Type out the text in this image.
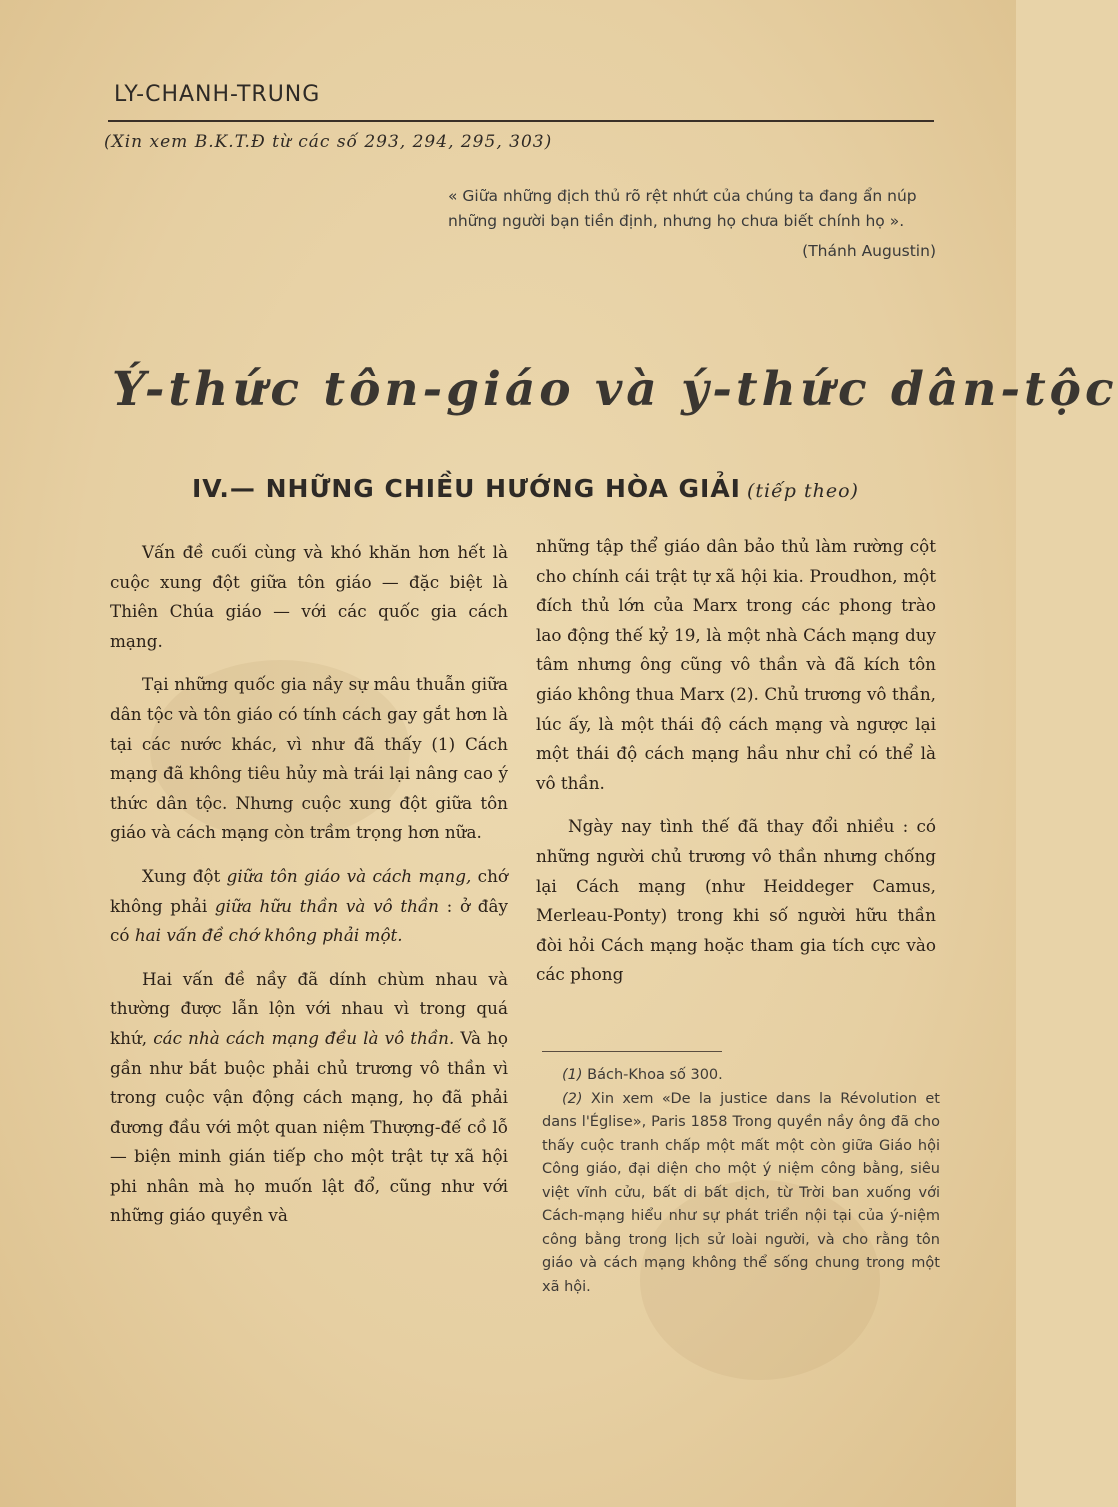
LY-CHANH-TRUNG
(Xin xem B.K.T.Đ từ các số 293, 294, 295, 303)
« Giữa những địch thủ rõ rệt nhứt của chúng ta đang ẩn núp những người bạn tiền định, nhưng họ chưa biết chính họ ».
(Thánh Augustin)
Ý-thức tôn-giáo và ý-thức dân-tộc
IV.— NHỮNG CHIỀU HƯỚNG HÒA GIẢI (tiếp theo)

Vấn đề cuối cùng và khó khăn hơn hết là cuộc xung đột giữa tôn giáo — đặc biệt là Thiên Chúa giáo — với các quốc gia cách mạng.

Tại những quốc gia nầy sự mâu thuẫn giữa dân tộc và tôn giáo có tính cách gay gắt hơn là tại các nước khác, vì như đã thấy (1) Cách mạng đã không tiêu hủy mà trái lại nâng cao ý thức dân tộc. Nhưng cuộc xung đột giữa tôn giáo và cách mạng còn trầm trọng hơn nữa.

Xung đột giữa tôn giáo và cách mạng, chớ không phải giữa hữu thần và vô thần : ở đây có hai vấn đề chớ không phải một.

Hai vấn đề nầy đã dính chùm nhau và thường được lẫn lộn với nhau vì trong quá khứ, các nhà cách mạng đều là vô thần. Và họ gần như bắt buộc phải chủ trương vô thần vì trong cuộc vận động cách mạng, họ đã phải đương đầu với một quan niệm Thượng-đế cồ lỗ — biện minh gián tiếp cho một trật tự xã hội phi nhân mà họ muốn lật đổ, cũng như với những giáo quyền và

những tập thể giáo dân bảo thủ làm rường cột cho chính cái trật tự xã hội kia. Proudhon, một đích thủ lớn của Marx trong các phong trào lao động thế kỷ 19, là một nhà Cách mạng duy tâm nhưng ông cũng vô thần và đã kích tôn giáo không thua Marx (2). Chủ trương vô thần, lúc ấy, là một thái độ cách mạng và ngược lại một thái độ cách mạng hầu như chỉ có thể là vô thần.

Ngày nay tình thế đã thay đổi nhiều : có những người chủ trương vô thần nhưng chống lại Cách mạng (như Heiddeger Camus, Merleau-Ponty) trong khi số người hữu thần đòi hỏi Cách mạng hoặc tham gia tích cực vào các phong

(1) Bách-Khoa số 300.

(2) Xin xem «De la justice dans la Révolution et dans l'Église», Paris 1858 Trong quyền nầy ông đã cho thấy cuộc tranh chấp một mất một còn giữa Giáo hội Công giáo, đại diện cho một ý niệm công bằng, siêu việt vĩnh cửu, bất di bất dịch, từ Trời ban xuống với Cách-mạng hiểu như sự phát triển nội tại của ý-niệm công bằng trong lịch sử loài người, và cho rằng tôn giáo và cách mạng không thể sống chung trong một xã hội.
